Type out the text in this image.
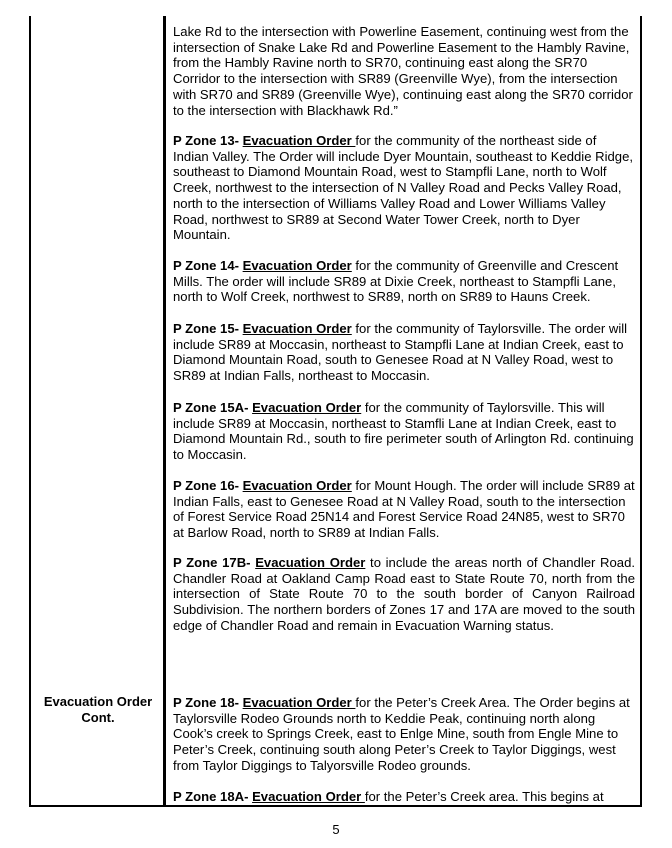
Evacuation Order Cont.
Lake Rd to the intersection with Powerline Easement, continuing west from the intersection of Snake Lake Rd and Powerline Easement to the Hambly Ravine, from the Hambly Ravine north to SR70, continuing east along the SR70 Corridor to the intersection with SR89 (Greenville Wye), from the intersection with SR70 and SR89 (Greenville Wye), continuing east along the SR70 corridor to the intersection with Blackhawk Rd.”
P Zone 13- Evacuation Order for the community of the northeast side of Indian Valley. The Order will include Dyer Mountain, southeast to Keddie Ridge, southeast to Diamond Mountain Road, west to Stampfli Lane, north to Wolf Creek, northwest to the intersection of N Valley Road and Pecks Valley Road, north to the intersection of Williams Valley Road and Lower Williams Valley Road, northwest to SR89 at Second Water Tower Creek, north to Dyer Mountain.
P Zone 14- Evacuation Order for the community of Greenville and Crescent Mills. The order will include SR89 at Dixie Creek, northeast to Stampfli Lane, north to Wolf Creek, northwest to SR89, north on SR89 to Hauns Creek.
P Zone 15- Evacuation Order for the community of Taylorsville. The order will include SR89 at Moccasin, northeast to Stampfli Lane at Indian Creek, east to Diamond Mountain Road, south to Genesee Road at N Valley Road, west to SR89 at Indian Falls, northeast to Moccasin.
P Zone 15A- Evacuation Order for the community of Taylorsville. This will include SR89 at Moccasin, northeast to Stamfli Lane at Indian Creek, east to Diamond Mountain Rd., south to fire perimeter south of Arlington Rd. continuing to Moccasin.
P Zone 16- Evacuation Order for Mount Hough. The order will include SR89 at Indian Falls, east to Genesee Road at N Valley Road, south to the intersection of Forest Service Road 25N14 and Forest Service Road 24N85, west to SR70 at Barlow Road, north to SR89 at Indian Falls.
P Zone 17B- Evacuation Order to include the areas north of Chandler Road. Chandler Road at Oakland Camp Road east to State Route 70, north from the intersection of State Route 70 to the south border of Canyon Railroad Subdivision. The northern borders of Zones 17 and 17A are moved to the south edge of Chandler Road and remain in Evacuation Warning status.
P Zone 18- Evacuation Order for the Peter’s Creek Area. The Order begins at Taylorsville Rodeo Grounds north to Keddie Peak, continuing north along Cook’s creek to Springs Creek, east to Enlge Mine, south from Engle Mine to Peter’s Creek, continuing south along Peter’s Creek to Taylor Diggings, west from Taylor Diggings to Talyorsville Rodeo grounds.
P Zone 18A- Evacuation Order for the Peter’s Creek area. This begins at
5
